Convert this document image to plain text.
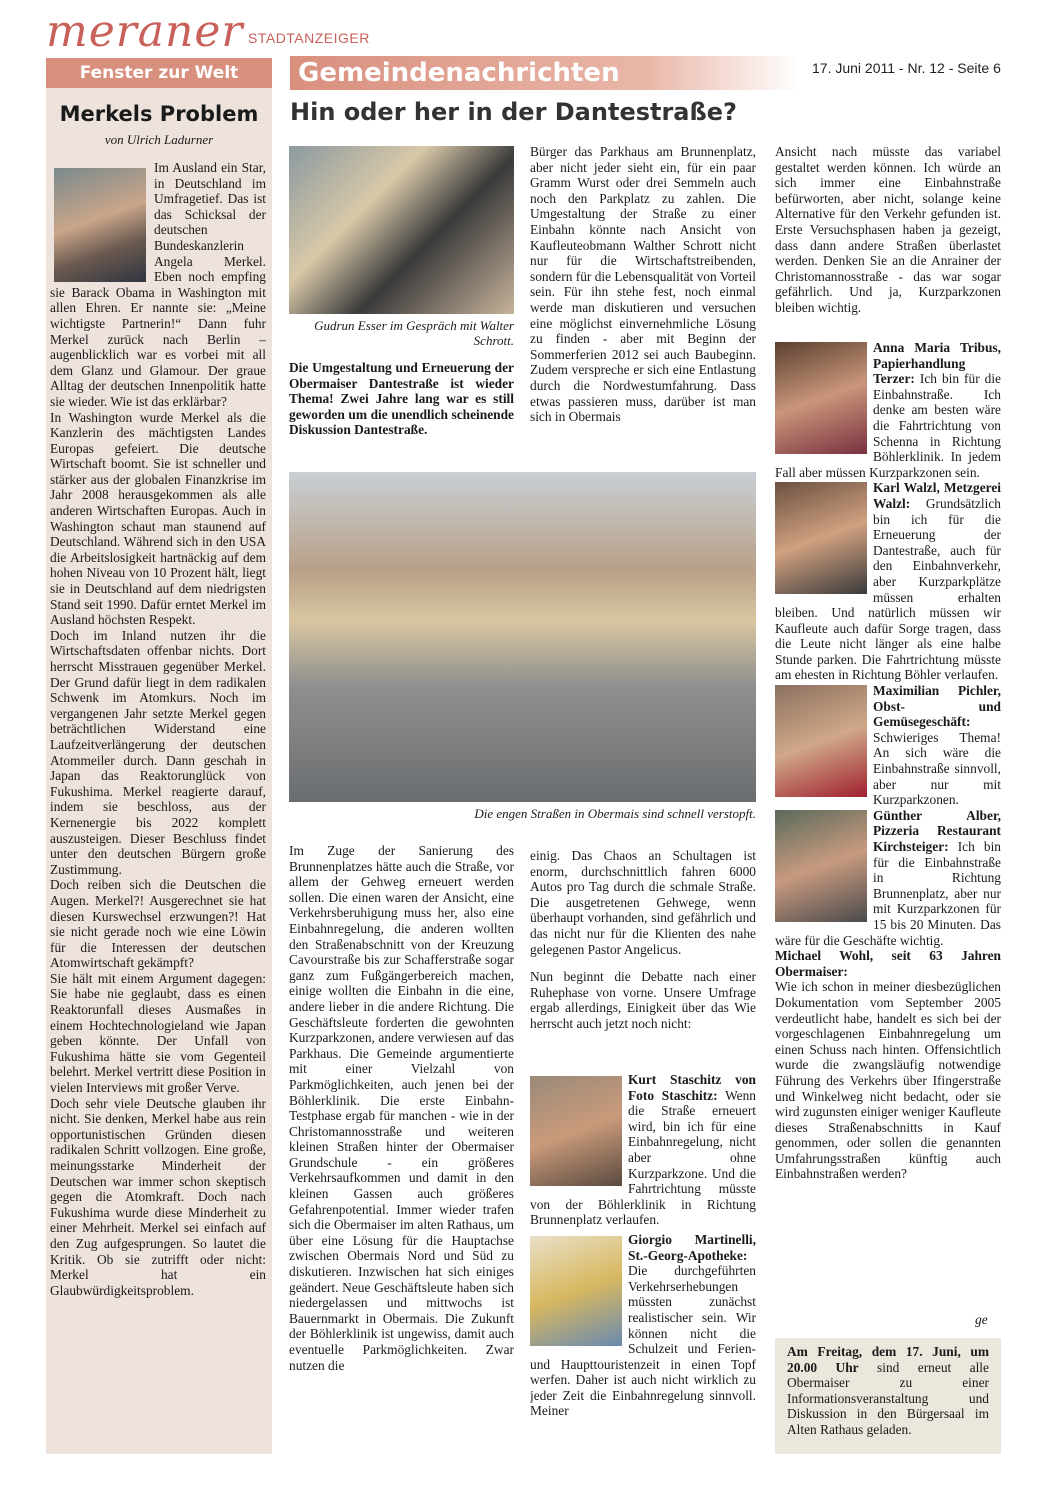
meraner STADTANZEIGER
17. Juni 2011 - Nr. 12 - Seite 6
Fenster zur Welt
Merkels Problem
von Ulrich Ladurner

Im Ausland ein Star, in Deutschland im Umfragetief. Das ist das Schicksal der deutschen Bundeskanzlerin Angela Merkel. Eben noch empfing sie Barack Obama in Washington mit allen Ehren. Er nannte sie: „Meine wichtigste Partnerin!“ Dann fuhr Merkel zurück nach Berlin – augenblicklich war es vorbei mit all dem Glanz und Glamour. Der graue Alltag der deutschen Innenpolitik hatte sie wieder. Wie ist das erklärbar?

In Washington wurde Merkel als die Kanzlerin des mächtigsten Landes Europas gefeiert. Die deutsche Wirtschaft boomt. Sie ist schneller und stärker aus der globalen Finanzkrise im Jahr 2008 herausgekommen als alle anderen Wirtschaften Europas. Auch in Washington schaut man staunend auf Deutschland. Während sich in den USA die Arbeitslosigkeit hartnäckig auf dem hohen Niveau von 10 Prozent hält, liegt sie in Deutschland auf dem niedrigsten Stand seit 1990. Dafür erntet Merkel im Ausland höchsten Respekt.

Doch im Inland nutzen ihr die Wirtschaftsdaten offenbar nichts. Dort herrscht Misstrauen gegenüber Merkel. Der Grund dafür liegt in dem radikalen Schwenk im Atomkurs. Noch im vergangenen Jahr setzte Merkel gegen beträchtlichen Widerstand eine Laufzeitverlängerung der deutschen Atommeiler durch. Dann geschah in Japan das Reaktorunglück von Fukushima. Merkel reagierte darauf, indem sie beschloss, aus der Kernenergie bis 2022 komplett auszusteigen. Dieser Beschluss findet unter den deutschen Bürgern große Zustimmung.

Doch reiben sich die Deutschen die Augen. Merkel?! Ausgerechnet sie hat diesen Kurswechsel erzwungen?! Hat sie nicht gerade noch wie eine Löwin für die Interessen der deutschen Atomwirtschaft gekämpft?

Sie hält mit einem Argument dagegen: Sie habe nie geglaubt, dass es einen Reaktorunfall dieses Ausmaßes in einem Hochtechnologieland wie Japan geben könnte. Der Unfall von Fukushima hätte sie vom Gegenteil belehrt. Merkel vertritt diese Position in vielen Interviews mit großer Verve.

Doch sehr viele Deutsche glauben ihr nicht. Sie denken, Merkel habe aus rein opportunistischen Gründen diesen radikalen Schritt vollzogen. Eine große, meinungsstarke Minderheit der Deutschen war immer schon skeptisch gegen die Atomkraft. Doch nach Fukushima wurde diese Minderheit zu einer Mehrheit. Merkel sei einfach auf den Zug aufgesprungen. So lautet die Kritik. Ob sie zutrifft oder nicht: Merkel hat ein Glaubwürdigkeitsproblem.

Gemeindenachrichten
Hin oder her in der Dantestraße?
Gudrun Esser im Gespräch mit Walter Schrott.
Die Umgestaltung und Erneuerung der Obermaiser Dantestraße ist wieder Thema! Zwei Jahre lang war es still geworden um die unendlich scheinende Diskussion Dantestraße.
Bürger das Parkhaus am Brunnenplatz, aber nicht jeder sieht ein, für ein paar Gramm Wurst oder drei Semmeln auch noch den Parkplatz zu zahlen. Die Umgestaltung der Straße zu einer Einbahn könnte nach Ansicht von Kaufleuteobmann Walther Schrott nicht nur für die Wirtschaftstreibenden, sondern für die Lebensqualität von Vorteil sein. Für ihn stehe fest, noch einmal werde man diskutieren und versuchen eine möglichst einvernehmliche Lösung zu finden - aber mit Beginn der Sommerferien 2012 sei auch Baubeginn. Zudem verspreche er sich eine Entlastung durch die Nordwestumfahrung. Dass etwas passieren muss, darüber ist man sich in Obermais
Ansicht nach müsste das variabel gestaltet werden können. Ich würde an sich immer eine Einbahnstraße befürworten, aber nicht, solange keine Alternative für den Verkehr gefunden ist. Erste Versuchsphasen haben ja gezeigt, dass dann andere Straßen überlastet werden. Denken Sie an die Anrainer der Christomannosstraße - das war sogar gefährlich. Und ja, Kurzparkzonen bleiben wichtig.
Die engen Straßen in Obermais sind schnell verstopft.
Im Zuge der Sanierung des Brunnenplatzes hätte auch die Straße, vor allem der Gehweg erneuert werden sollen. Die einen waren der Ansicht, eine Verkehrsberuhigung muss her, also eine Einbahnregelung, die anderen wollten den Straßenabschnitt von der Kreuzung Cavourstraße bis zur Schafferstraße sogar ganz zum Fußgängerbereich machen, einige wollten die Einbahn in die eine, andere lieber in die andere Richtung. Die Geschäftsleute forderten die gewohnten Kurzparkzonen, andere verwiesen auf das Parkhaus. Die Gemeinde argumentierte mit einer Vielzahl von Parkmöglichkeiten, auch jenen bei der Böhlerklinik. Die erste Einbahn-Testphase ergab für manchen - wie in der Christomannosstraße und weiteren kleinen Straßen hinter der Obermaiser Grundschule - ein größeres Verkehrsaufkommen und damit in den kleinen Gassen auch größeres Gefahrenpotential. Immer wieder trafen sich die Obermaiser im alten Rathaus, um über eine Lösung für die Hauptachse zwischen Obermais Nord und Süd zu diskutieren. Inzwischen hat sich einiges geändert. Neue Geschäftsleute haben sich niedergelassen und mittwochs ist Bauernmarkt in Obermais. Die Zukunft der Böhlerklinik ist ungewiss, damit auch eventuelle Parkmöglichkeiten. Zwar nutzen die

einig. Das Chaos an Schultagen ist enorm, durchschnittlich fahren 6000 Autos pro Tag durch die schmale Straße. Die ausgetretenen Gehwege, wenn überhaupt vorhanden, sind gefährlich und das nicht nur für die Klienten des nahe gelegenen Pastor Angelicus.

Nun beginnt die Debatte nach einer Ruhephase von vorne. Unsere Umfrage ergab allerdings, Einigkeit über das Wie herrscht auch jetzt noch nicht:

Kurt Staschitz von Foto Staschitz: Wenn die Straße erneuert wird, bin ich für eine Einbahnregelung, nicht aber ohne Kurzparkzone. Und die Fahrtrichtung müsste von der Böhlerklinik in Richtung Brunnenplatz verlaufen.
Giorgio Martinelli, St.-Georg-Apotheke: Die durchgeführten Verkehrserhebungen müssten zunächst realistischer sein. Wir können nicht die Schulzeit und Ferien- und Haupttouristenzeit in einen Topf werfen. Daher ist auch nicht wirklich zu jeder Zeit die Einbahnregelung sinnvoll. Meiner
Anna Maria Tribus, Papierhandlung Terzer: Ich bin für die Einbahnstraße. Ich denke am besten wäre die Fahrtrichtung von Schenna in Richtung Böhlerklinik. In jedem Fall aber müssen Kurzparkzonen sein.
Karl Walzl, Metzgerei Walzl: Grundsätzlich bin ich für die Erneuerung der Dantestraße, auch für den Einbahnverkehr, aber Kurzparkplätze müssen erhalten bleiben. Und natürlich müssen wir Kaufleute auch dafür Sorge tragen, dass die Leute nicht länger als eine halbe Stunde parken. Die Fahrtrichtung müsste am ehesten in Richtung Böhler verlaufen.
Maximilian Pichler, Obst- und Gemüsegeschäft: Schwieriges Thema! An sich wäre die Einbahnstraße sinnvoll, aber nur mit Kurzparkzonen.
Günther Alber, Pizzeria Restaurant Kirchsteiger: Ich bin für die Einbahnstraße in Richtung Brunnenplatz, aber nur mit Kurzparkzonen für 15 bis 20 Minuten. Das wäre für die Geschäfte wichtig.
Michael Wohl, seit 63 Jahren Obermaiser:
Wie ich schon in meiner diesbezüglichen Dokumentation vom September 2005 verdeutlicht habe, handelt es sich bei der vorgeschlagenen Einbahnregelung um einen Schuss nach hinten. Offensichtlich wurde die zwangsläufig notwendige Führung des Verkehrs über Ifingerstraße und Winkelweg nicht bedacht, oder sie wird zugunsten einiger weniger Kaufleute dieses Straßenabschnitts in Kauf genommen, oder sollen die genannten Umfahrungsstraßen künftig auch Einbahnstraßen werden?
ge
Am Freitag, dem 17. Juni, um 20.00 Uhr sind erneut alle Obermaiser zu einer Informationsveranstaltung und Diskussion in den Bürgersaal im Alten Rathaus geladen.
